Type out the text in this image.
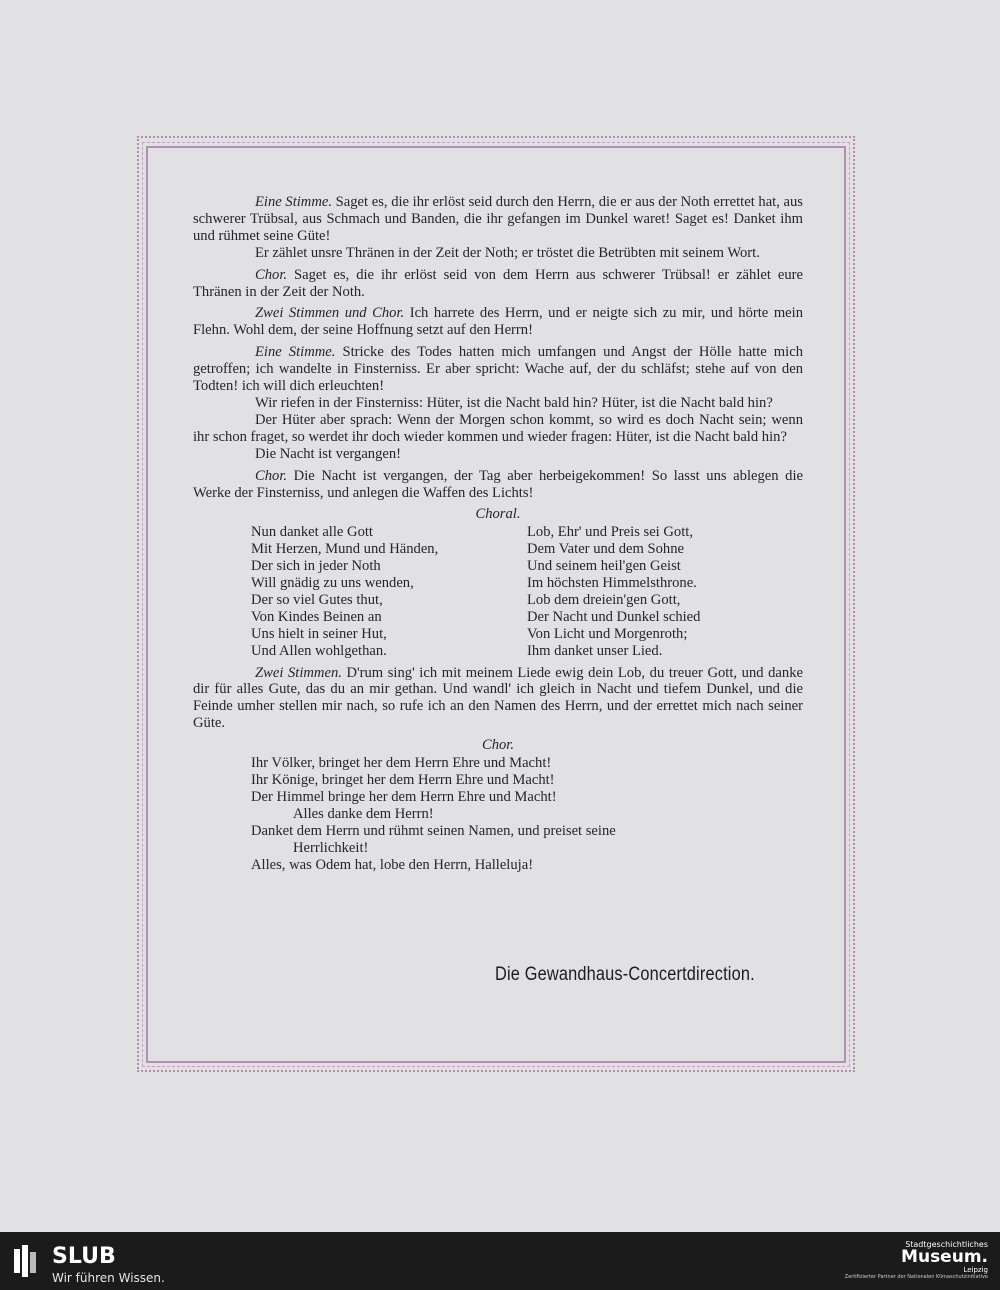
Eine Stimme. Saget es, die ihr erlöst seid durch den Herrn, die er aus der Noth errettet hat, aus schwerer Trübsal, aus Schmach und Banden, die ihr gefangen im Dunkel waret! Saget es! Danket ihm und rühmet seine Güte!

Er zählet unsre Thränen in der Zeit der Noth; er tröstet die Betrübten mit seinem Wort.

Chor. Saget es, die ihr erlöst seid von dem Herrn aus schwerer Trübsal! er zählet eure Thränen in der Zeit der Noth.

Zwei Stimmen und Chor. Ich harrete des Herrn, und er neigte sich zu mir, und hörte mein Flehn. Wohl dem, der seine Hoffnung setzt auf den Herrn!

Eine Stimme. Stricke des Todes hatten mich umfangen und Angst der Hölle hatte mich getroffen; ich wandelte in Finsterniss. Er aber spricht: Wache auf, der du schläfst; stehe auf von den Todten! ich will dich erleuchten!

Wir riefen in der Finsterniss: Hüter, ist die Nacht bald hin? Hüter, ist die Nacht bald hin?

Der Hüter aber sprach: Wenn der Morgen schon kommt, so wird es doch Nacht sein; wenn ihr schon fraget, so werdet ihr doch wieder kommen und wieder fragen: Hüter, ist die Nacht bald hin?

Die Nacht ist vergangen!

Chor. Die Nacht ist vergangen, der Tag aber herbeigekommen! So lasst uns ablegen die Werke der Finsterniss, und anlegen die Waffen des Lichts!

Choral.
Nun danket alle Gott
Mit Herzen, Mund und Händen,
Der sich in jeder Noth
Will gnädig zu uns wenden,
Der so viel Gutes thut,
Von Kindes Beinen an
Uns hielt in seiner Hut,
Und Allen wohlgethan.
Lob, Ehr' und Preis sei Gott,
Dem Vater und dem Sohne
Und seinem heil'gen Geist
Im höchsten Himmelsthrone.
Lob dem dreiein'gen Gott,
Der Nacht und Dunkel schied
Von Licht und Morgenroth;
Ihm danket unser Lied.

Zwei Stimmen. D'rum sing' ich mit meinem Liede ewig dein Lob, du treuer Gott, und danke dir für alles Gute, das du an mir gethan. Und wandl' ich gleich in Nacht und tiefem Dunkel, und die Feinde umher stellen mir nach, so rufe ich an den Namen des Herrn, und der errettet mich nach seiner Güte.

Chor.
Ihr Völker, bringet her dem Herrn Ehre und Macht!
Ihr Könige, bringet her dem Herrn Ehre und Macht!
Der Himmel bringe her dem Herrn Ehre und Macht!
Alles danke dem Herrn!
Danket dem Herrn und rühmt seinen Namen, und preiset seine
Herrlichkeit!
Alles, was Odem hat, lobe den Herrn, Halleluja!
Die Gewandhaus-Concertdirection.
SLUB
Wir führen Wissen.
Stadtgeschichtliches
Museum.
Leipzig
Zertifizierter Partner der Nationalen Klimaschutzinitiative
